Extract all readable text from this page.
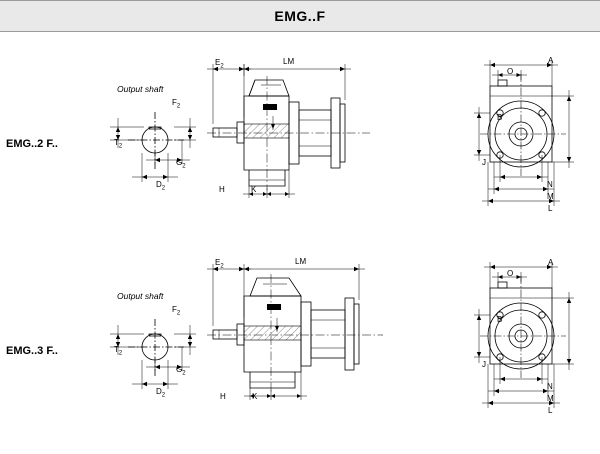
EMG..F
EMG..2 F..
Output shaft
$F_2$
$T_2$
$G_2$
$D_2$
$E_2$
LM
H	K
A
O
B
J
N
M
L
EMG..3 F..
Output shaft
$F_2$
$T_2$
$G_2$
$D_2$
$E_2$
LM
H	K
A
O
B
J
N
M
L
